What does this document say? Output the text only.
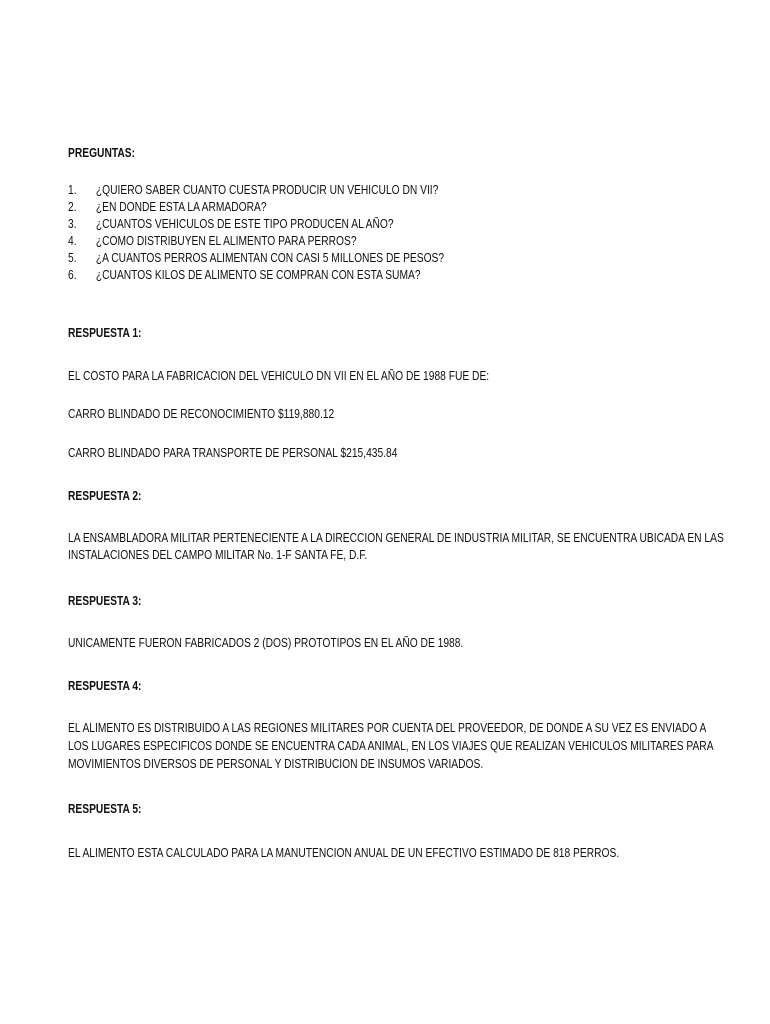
PREGUNTAS:
1. ¿QUIERO SABER CUANTO CUESTA PRODUCIR UN VEHICULO DN VII?
2. ¿EN DONDE ESTA LA ARMADORA?
3. ¿CUANTOS VEHICULOS DE ESTE TIPO PRODUCEN AL AÑO?
4. ¿COMO DISTRIBUYEN EL ALIMENTO PARA PERROS?
5. ¿A CUANTOS PERROS ALIMENTAN CON CASI 5 MILLONES DE PESOS?
6. ¿CUANTOS KILOS DE ALIMENTO SE COMPRAN CON ESTA SUMA?
RESPUESTA 1:
EL COSTO PARA LA FABRICACION DEL VEHICULO DN VII EN EL AÑO DE 1988 FUE DE:
CARRO BLINDADO DE RECONOCIMIENTO $119,880.12
CARRO BLINDADO PARA TRANSPORTE DE PERSONAL $215,435.84
RESPUESTA 2:
LA ENSAMBLADORA MILITAR PERTENECIENTE A LA DIRECCION GENERAL DE INDUSTRIA MILITAR, SE ENCUENTRA UBICADA EN LAS
INSTALACIONES DEL CAMPO MILITAR No. 1-F SANTA FE, D.F.
RESPUESTA 3:
UNICAMENTE FUERON FABRICADOS 2 (DOS) PROTOTIPOS EN EL AÑO DE 1988.
RESPUESTA 4:
EL ALIMENTO ES DISTRIBUIDO A LAS REGIONES MILITARES POR CUENTA DEL PROVEEDOR, DE DONDE A SU VEZ ES ENVIADO A
LOS LUGARES ESPECIFICOS DONDE SE ENCUENTRA CADA ANIMAL, EN LOS VIAJES QUE REALIZAN VEHICULOS MILITARES PARA
MOVIMIENTOS DIVERSOS DE PERSONAL Y DISTRIBUCION DE INSUMOS VARIADOS.
RESPUESTA 5:
EL ALIMENTO ESTA CALCULADO PARA LA MANUTENCION ANUAL DE UN EFECTIVO ESTIMADO DE 818 PERROS.
